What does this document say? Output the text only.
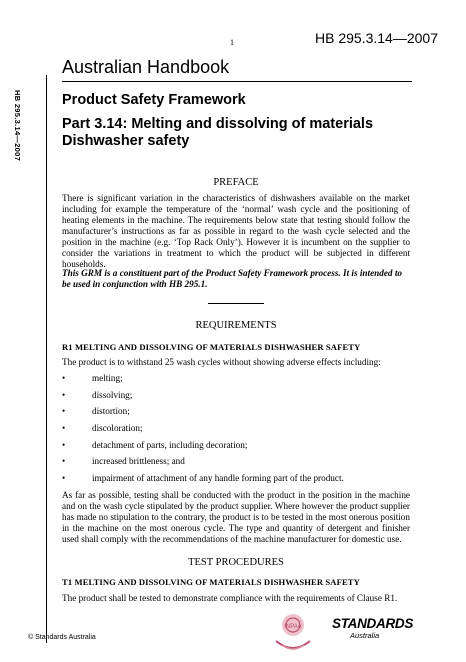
1	HB 295.3.14—2007
HB 295.3.14—2007
Australian Handbook
Product Safety Framework
Part 3.14: Melting and dissolving of materials
Dishwasher safety
PREFACE
There is significant variation in the characteristics of dishwashers available on the market including for example the temperature of the ‘normal’ wash cycle and the positioning of heating elements in the machine. The requirements below state that testing should follow the manufacturer’s instructions as far as possible in regard to the wash cycle selected and the position in the machine (e.g. ‘Top Rack Only’). However it is incumbent on the supplier to consider the variations in treatment to which the product will be subjected in different households.
This GRM is a constituent part of the Product Safety Framework process. It is intended to be used in conjunction with HB 295.1.
REQUIREMENTS
R1 MELTING AND DISSOLVING OF MATERIALS DISHWASHER SAFETY
The product is to withstand 25 wash cycles without showing adverse effects including:
• melting;
• dissolving;
• distortion;
• discoloration;
• detachment of parts, including decoration;
• increased brittleness; and
• impairment of attachment of any handle forming part of the product.
As far as possible, testing shall be conducted with the product in the position in the machine and on the wash cycle stipulated by the product supplier. Where however the product supplier has made no stipulation to the contrary, the product is to be tested in the most onerous position in the machine on the most onerous cycle. The type and quantity of detergent and finisher used shall comply with the recommendations of the machine manufacturer for domestic use.
TEST PROCEDURES
T1 MELTING AND DISSOLVING OF MATERIALS DISHWASHER SAFETY
The product shall be tested to demonstrate compliance with the requirements of Clause R1.
© Standards Australia
INPAA STANDARDS
Australia
